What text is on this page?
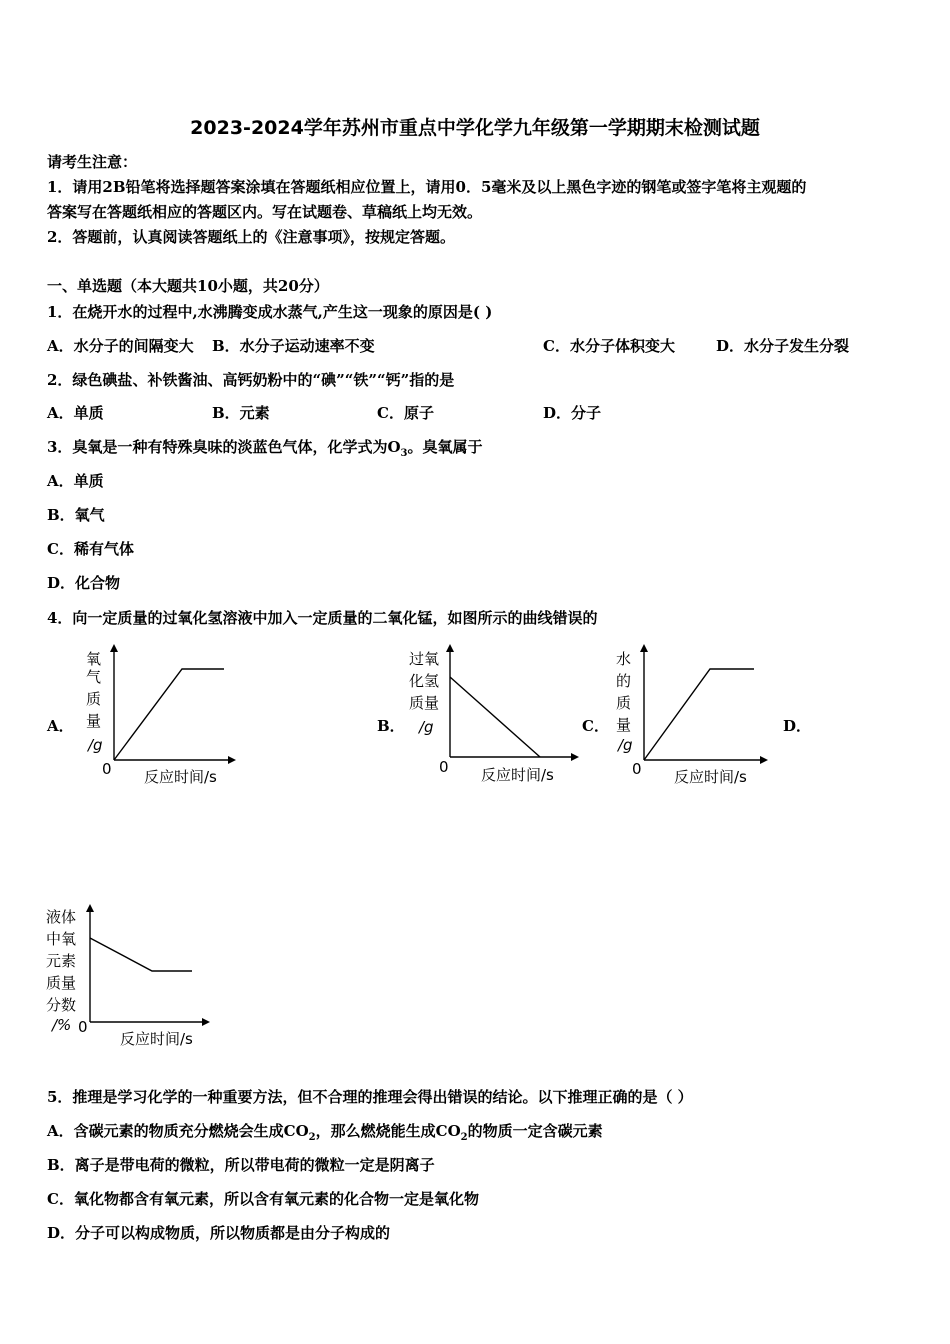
2023-2024学年苏州市重点中学化学九年级第一学期期末检测试题
请考生注意：
1．请用2B铅笔将选择题答案涂填在答题纸相应位置上，请用0．5毫米及以上黑色字迹的钢笔或签字笔将主观题的
答案写在答题纸相应的答题区内。写在试题卷、草稿纸上均无效。
2．答题前，认真阅读答题纸上的《注意事项》，按规定答题。
一、单选题（本大题共10小题，共20分）
1．在烧开水的过程中,水沸腾变成水蒸气,产生这一现象的原因是( )
A．水分子的间隔变大 B．水分子运动速率不变	C．水分子体积变大	D．水分子发生分裂
2．绿色碘盐、补铁酱油、高钙奶粉中的“碘”“铁”“钙”指的是
A．单质	B．元素	C．原子	D．分子
3．臭氧是一种有特殊臭味的淡蓝色气体，化学式为$O_3$。臭氧属于
A．单质
B．氧气
C．稀有气体
D．化合物
4．向一定质量的过氧化氢溶液中加入一定质量的二氧化锰，如图所示的曲线错误的
A．	B．	C．	D．
氧
气
质
量
/g
0 反应时间/s
过氧
化氢
质量
/g
0 反应时间/s
水
的
质
量
/g
0 反应时间/s
液体
中氧
元素
质量
分数
/% 0
反应时间/s
5．推理是学习化学的一种重要方法，但不合理的推理会得出错误的结论。以下推理正确的是（ ）
A．含碳元素的物质充分燃烧会生成$CO_2$，那么燃烧能生成$CO_2$的物质一定含碳元素
B．离子是带电荷的微粒，所以带电荷的微粒一定是阴离子
C．氧化物都含有氧元素，所以含有氧元素的化合物一定是氧化物
D．分子可以构成物质，所以物质都是由分子构成的
